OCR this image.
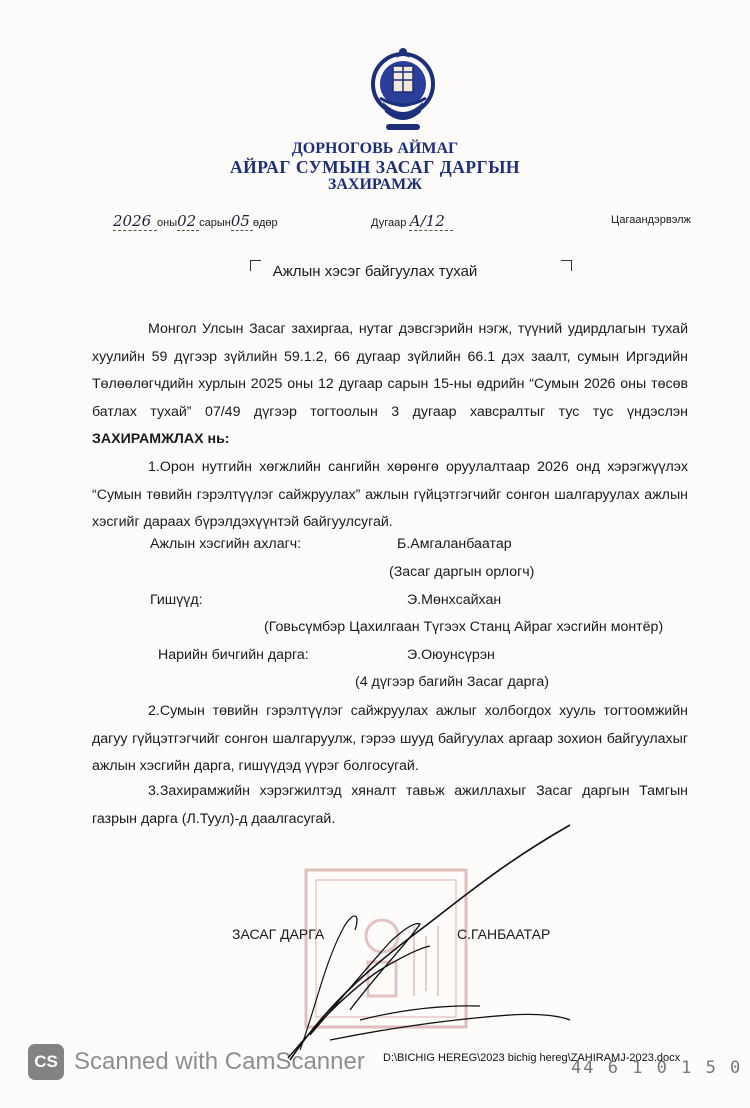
ДОРНОГОВЬ АЙМАГ
АЙРАГ СУМЫН ЗАСАГ ДАРГЫН
ЗАХИРАМЖ
2026 оны02 сарын05 өдөр	Дугаар А/12	Цагаандэрвэлж
Ажлын хэсэг байгуулах тухай
Монгол Улсын Засаг захиргаа, нутаг дэвсгэрийн нэгж, түүний удирдлагын тухай хуулийн 59 дүгээр зүйлийн 59.1.2, 66 дугаар зүйлийн 66.1 дэх заалт, сумын Иргэдийн Төлөөлөгчдийн хурлын 2025 оны 12 дугаар сарын 15-ны өдрийн “Сумын 2026 оны төсөв батлах тухай” 07/49 дүгээр тогтоолын 3 дугаар хавсралтыг тус тус үндэслэн ЗАХИРАМЖЛАХ нь:
1.Орон нутгийн хөгжлийн сангийн хөрөнгө оруулалтаар 2026 онд хэрэгжүүлэх “Сумын төвийн гэрэлтүүлэг сайжруулах” ажлын гүйцэтгэгчийг сонгон шалгаруулах ажлын хэсгийг дараах бүрэлдэхүүнтэй байгуулсугай.
Ажлын хэсгийн ахлагч:	Б.Амгаланбаатар
(Засаг даргын орлогч)
Гишүүд:	Э.Мөнхсайхан
(Говьсүмбэр Цахилгаан Түгээх Станц Айраг хэсгийн монтёр)
Нарийн бичгийн дарга:	Э.Оюунсүрэн
(4 дүгээр багийн Засаг дарга)
2.Сумын төвийн гэрэлтүүлэг сайжруулах ажлыг холбогдох хууль тогтоомжийн дагуу гүйцэтгэгчийг сонгон шалгаруулж, гэрээ шууд байгуулах аргаар зохион байгуулахыг ажлын хэсгийн дарга, гишүүдэд үүрэг болгосугай.
3.Захирамжийн хэрэгжилтэд хяналт тавьж ажиллахыг Засаг даргын Тамгын газрын дарга (Л.Туул)-д даалгасугай.
ЗАСАГ ДАРГА	С.ГАНБААТАР
D:\BICHIG HEREG\2023 bichig hereg\ZAHIRAMJ-2023.docx
44 6 1 0 1 5 0
CS Scanned with CamScanner
